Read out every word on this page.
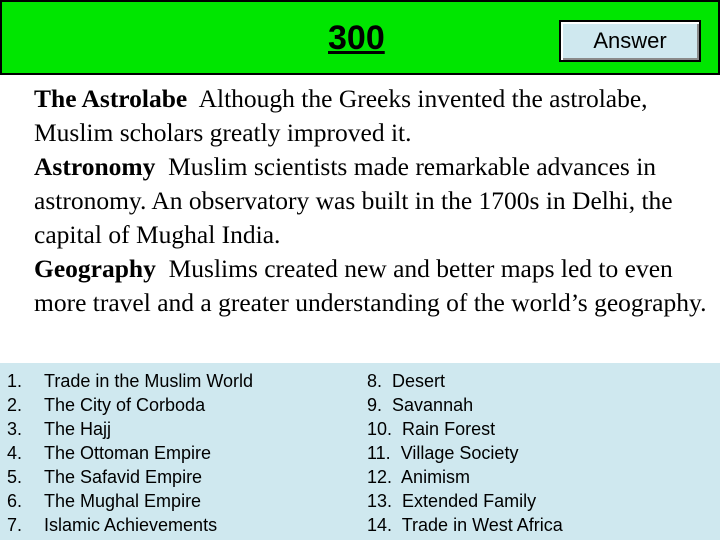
300	Answer

The Astrolabe Although the Greeks invented the astrolabe, Muslim scholars greatly improved it.

Astronomy Muslim scientists made remarkable advances in astronomy. An observatory was built in the 1700s in Delhi, the capital of Mughal India.

Geography Muslims created new and better maps led to even more travel and a greater understanding of the world’s geography.

1. Trade in the Muslim World
2. The City of Corboda
3. The Hajj
4. The Ottoman Empire
5. The Safavid Empire
6. The Mughal Empire
7. Islamic Achievements
8. Desert
9. Savannah
10. Rain Forest
11. Village Society
12. Animism
13. Extended Family
14. Trade in West Africa
